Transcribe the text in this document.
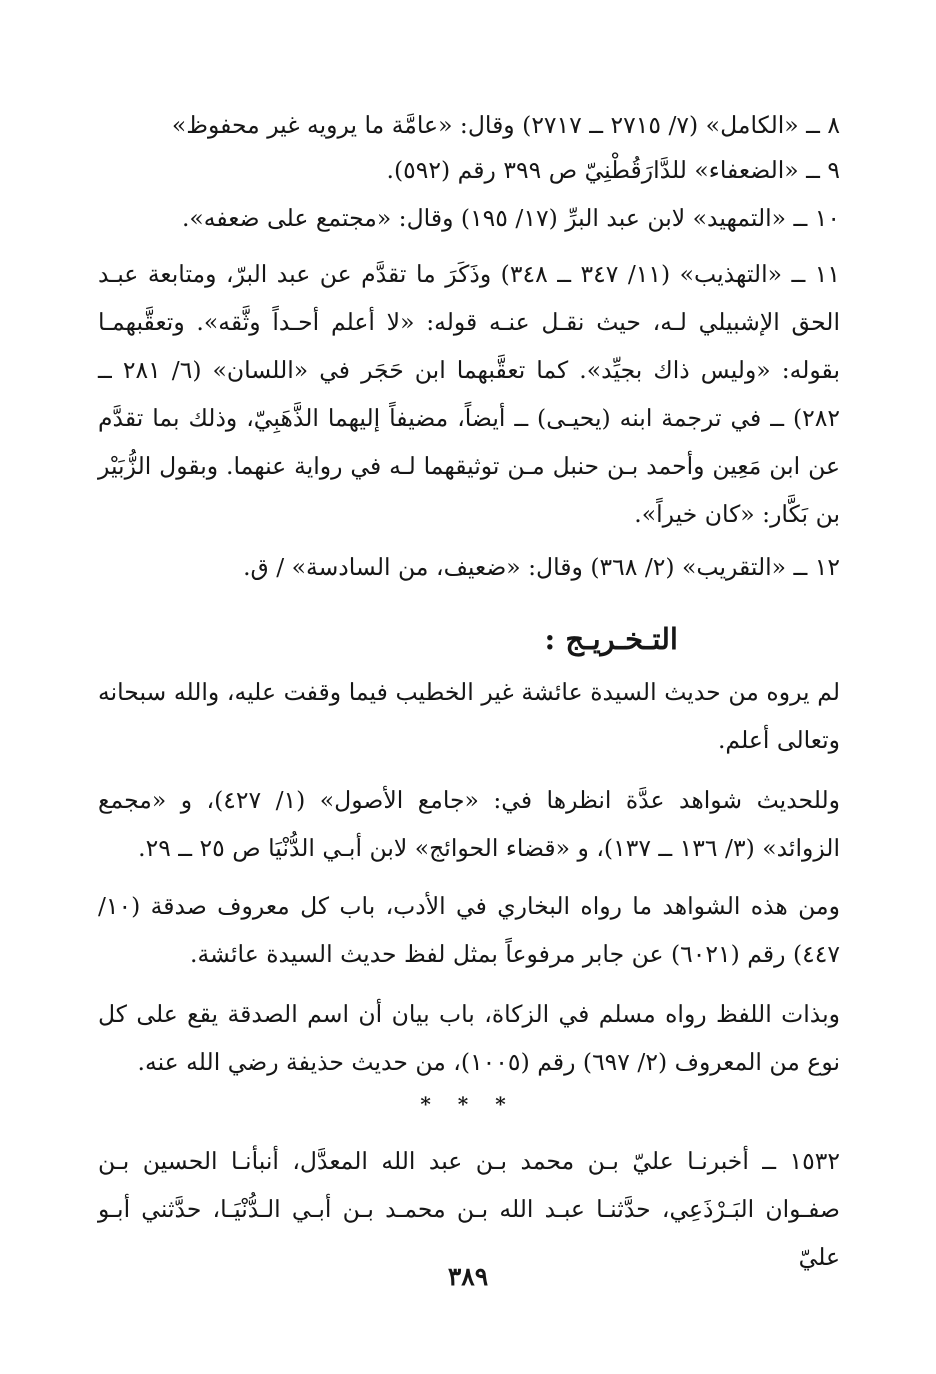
٨ ــ «الكامل» (٧/ ٢٧١٥ ــ ٢٧١٧) وقال: «عامَّة ما يرويه غير محفوظ»
٩ ــ «الضعفاء» للدَّارَقُطْنِيّ ص ٣٩٩ رقم (٥٩٢).
١٠ ــ «التمهيد» لابن عبد البرِّ (١٧/ ١٩٥) وقال: «مجتمع على ضعفه».
١١ ــ «التهذيب» (١١/ ٣٤٧ ــ ٣٤٨) وذَكَرَ ما تقدَّم عن عبد البرّ، ومتابعة عبـد الحق الإشبيلي لـه، حيث نقـل عنـه قوله: «لا أعلم أحـداً وثَّقه». وتعقَّبهمـا بقوله: «وليس ذاك بجيِّد». كما تعقَّبهما ابن حَجَر في «اللسان» (٦/ ٢٨١ ــ ٢٨٢) ــ في ترجمة ابنه (يحيـى) ــ أيضاً، مضيفاً إليهما الذَّهَبِيّ، وذلك بما تقدَّم عن ابن مَعِين وأحمد بـن حنبل مـن توثيقهما لـه في رواية عنهما. وبقول الزُّبَيْر بن بَكَّار: «كان خيراً».
١٢ ــ «التقريب» (٢/ ٣٦٨) وقال: «ضعيف، من السادسة» / ق.
التـخـريـج :
لم يروه من حديث السيدة عائشة غير الخطيب فيما وقفت عليه، والله سبحانه وتعالى أعلم.
وللحديث شواهد عدَّة انظرها في: «جامع الأصول» (١/ ٤٢٧)، و «مجمع الزوائد» (٣/ ١٣٦ ــ ١٣٧)، و «قضاء الحوائج» لابن أبـي الدُّنْيَا ص ٢٥ ــ ٢٩.
ومن هذه الشواهد ما رواه البخاري في الأدب، باب كل معروف صدقة (١٠/ ٤٤٧) رقم (٦٠٢١) عن جابر مرفوعاً بمثل لفظ حديث السيدة عائشة.
وبذات اللفظ رواه مسلم في الزكاة، باب بيان أن اسم الصدقة يقع على كل نوع من المعروف (٢/ ٦٩٧) رقم (١٠٠٥)، من حديث حذيفة رضي الله عنه.
* * *
١٥٣٢ ــ أخبرنـا عليّ بـن محمد بـن عبد الله المعدَّل، أنبأنـا الحسين بـن صفـوان البَـرْذَعِي، حدَّثنـا عبـد الله بـن محمـد بـن أبـي الـدُّنْيَـا، حدَّثني أبـو عليّ
٣٨٩
